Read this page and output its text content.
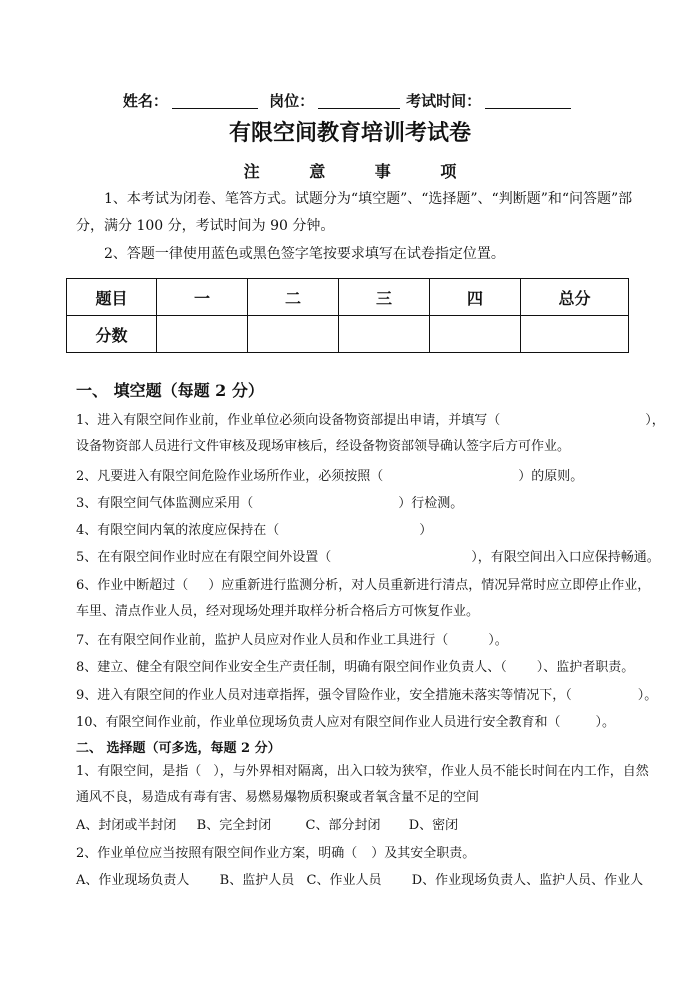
姓名：	岗位：	考试时间：
有限空间教育培训考试卷
注 意 事 项
1、本考试为闭卷、笔答方式。试题分为“填空题”、“选择题”、“判断题”和“问答题”部分，满分 100 分，考试时间为 90 分钟。
2、答题一律使用蓝色或黑色签字笔按要求填写在试卷指定位置。
题目	一	二	三	四	总分
分数					
一、 填空题（每题 2 分）
1、进入有限空间作业前，作业单位必须向设备物资部提出申请，并填写（	），
设备物资部人员进行文件审核及现场审核后，经设备物资部领导确认签字后方可作业。
2、凡要进入有限空间危险作业场所作业，必须按照（	）的原则。
3、有限空间气体监测应采用（	）行检测。
4、有限空间内氧的浓度应保持在（	）
5、在有限空间作业时应在有限空间外设置（	），有限空间出入口应保持畅通。
6、作业中断超过（ ）应重新进行监测分析，对人员重新进行清点，情况异常时应立即停止作业，
车里、清点作业人员，经对现场处理并取样分析合格后方可恢复作业。
7、在有限空间作业前，监护人员应对作业人员和作业工具进行（	）。
8、建立、健全有限空间作业安全生产责任制，明确有限空间作业负责人、（ ）、监护者职责。
9、进入有限空间的作业人员对违章指挥，强令冒险作业，安全措施未落实等情况下，（	）。
10、有限空间作业前，作业单位现场负责人应对有限空间作业人员进行安全教育和（	）。
二、 选择题（可多选，每题 2 分）
1、有限空间，是指（ ），与外界相对隔离，出入口较为狭窄，作业人员不能长时间在内工作，自然
通风不良，易造成有毒有害、易燃易爆物质积聚或者氧含量不足的空间
A、封闭或半封闭 B、完全封闭	C、部分封闭 D、密闭
2、作业单位应当按照有限空间作业方案，明确（ ）及其安全职责。
A、作业现场负责人 B、监护人员 C、作业人员 D、作业现场负责人、监护人员、作业人
